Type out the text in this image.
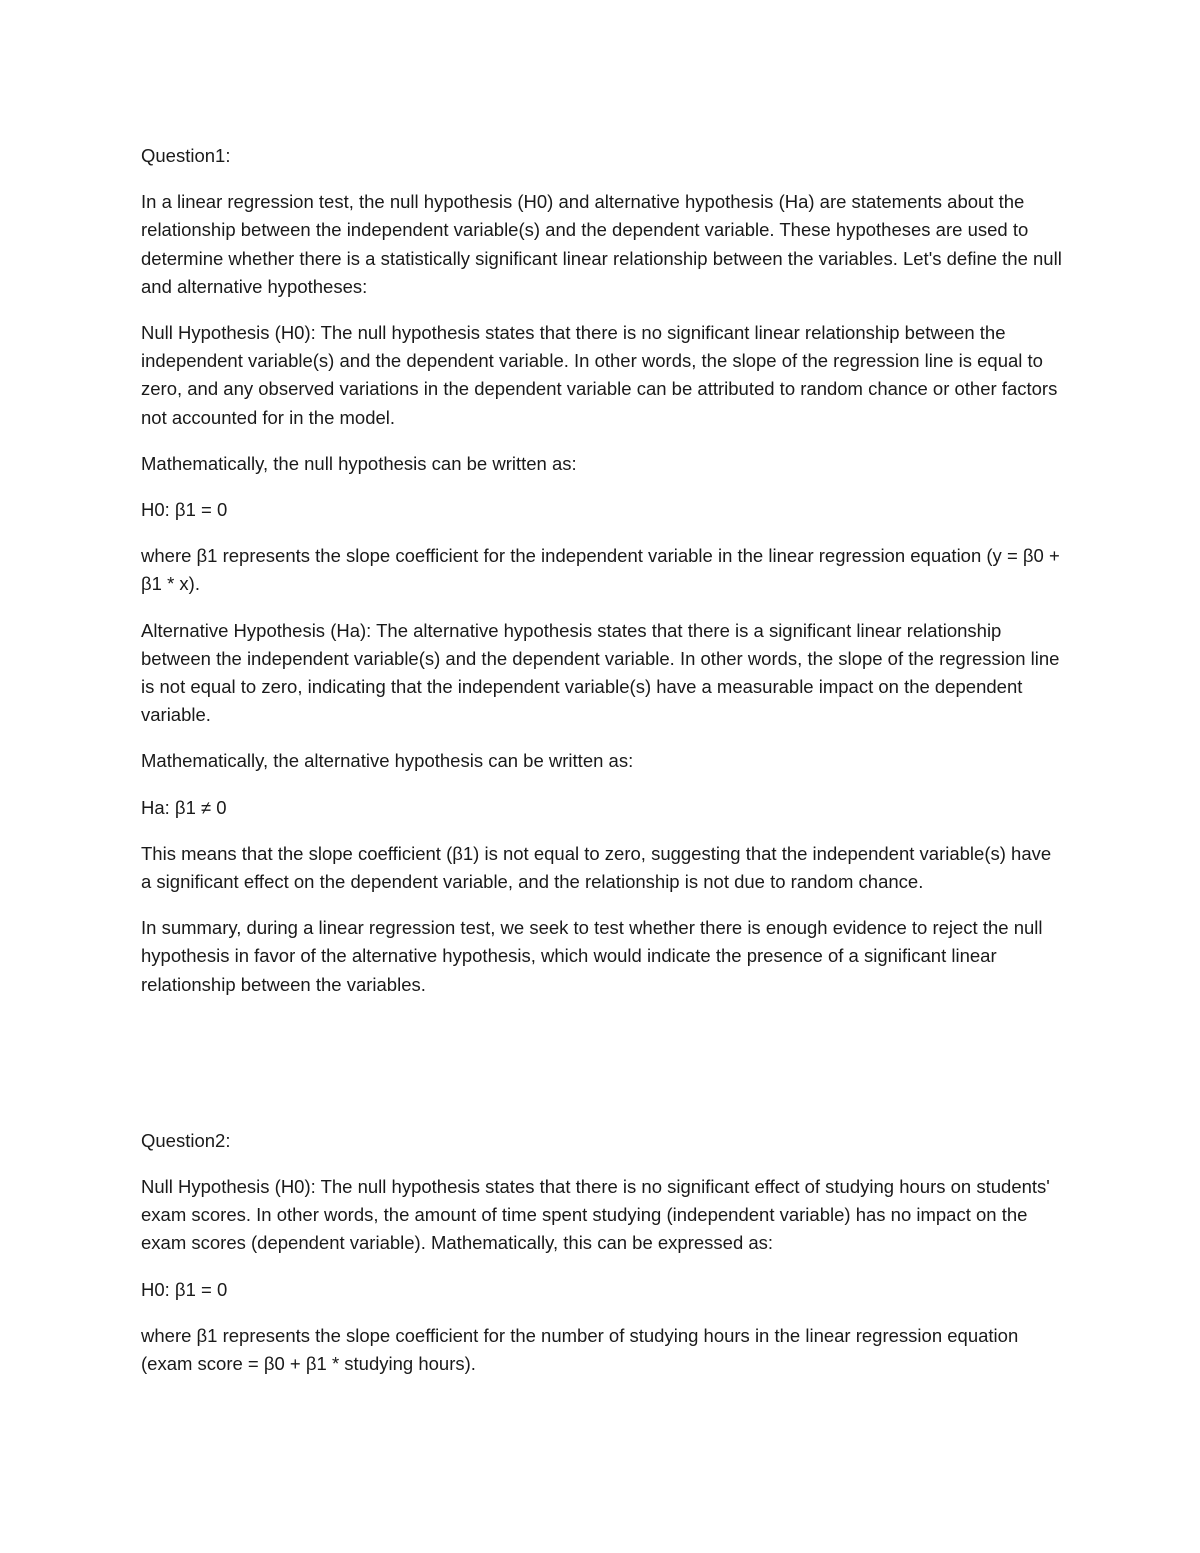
Question1:

In a linear regression test, the null hypothesis (H0) and alternative hypothesis (Ha) are statements about the relationship between the independent variable(s) and the dependent variable. These hypotheses are used to determine whether there is a statistically significant linear relationship between the variables. Let's define the null and alternative hypotheses:

Null Hypothesis (H0): The null hypothesis states that there is no significant linear relationship between the independent variable(s) and the dependent variable. In other words, the slope of the regression line is equal to zero, and any observed variations in the dependent variable can be attributed to random chance or other factors not accounted for in the model.

Mathematically, the null hypothesis can be written as:

H0: β1 = 0

where β1 represents the slope coefficient for the independent variable in the linear regression equation (y = β0 + β1 * x).

Alternative Hypothesis (Ha): The alternative hypothesis states that there is a significant linear relationship between the independent variable(s) and the dependent variable. In other words, the slope of the regression line is not equal to zero, indicating that the independent variable(s) have a measurable impact on the dependent variable.

Mathematically, the alternative hypothesis can be written as:

Ha: β1 ≠ 0

This means that the slope coefficient (β1) is not equal to zero, suggesting that the independent variable(s) have a significant effect on the dependent variable, and the relationship is not due to random chance.

In summary, during a linear regression test, we seek to test whether there is enough evidence to reject the null hypothesis in favor of the alternative hypothesis, which would indicate the presence of a significant linear relationship between the variables.

Question2:

Null Hypothesis (H0): The null hypothesis states that there is no significant effect of studying hours on students' exam scores. In other words, the amount of time spent studying (independent variable) has no impact on the exam scores (dependent variable). Mathematically, this can be expressed as:

H0: β1 = 0

where β1 represents the slope coefficient for the number of studying hours in the linear regression equation (exam score = β0 + β1 * studying hours).
